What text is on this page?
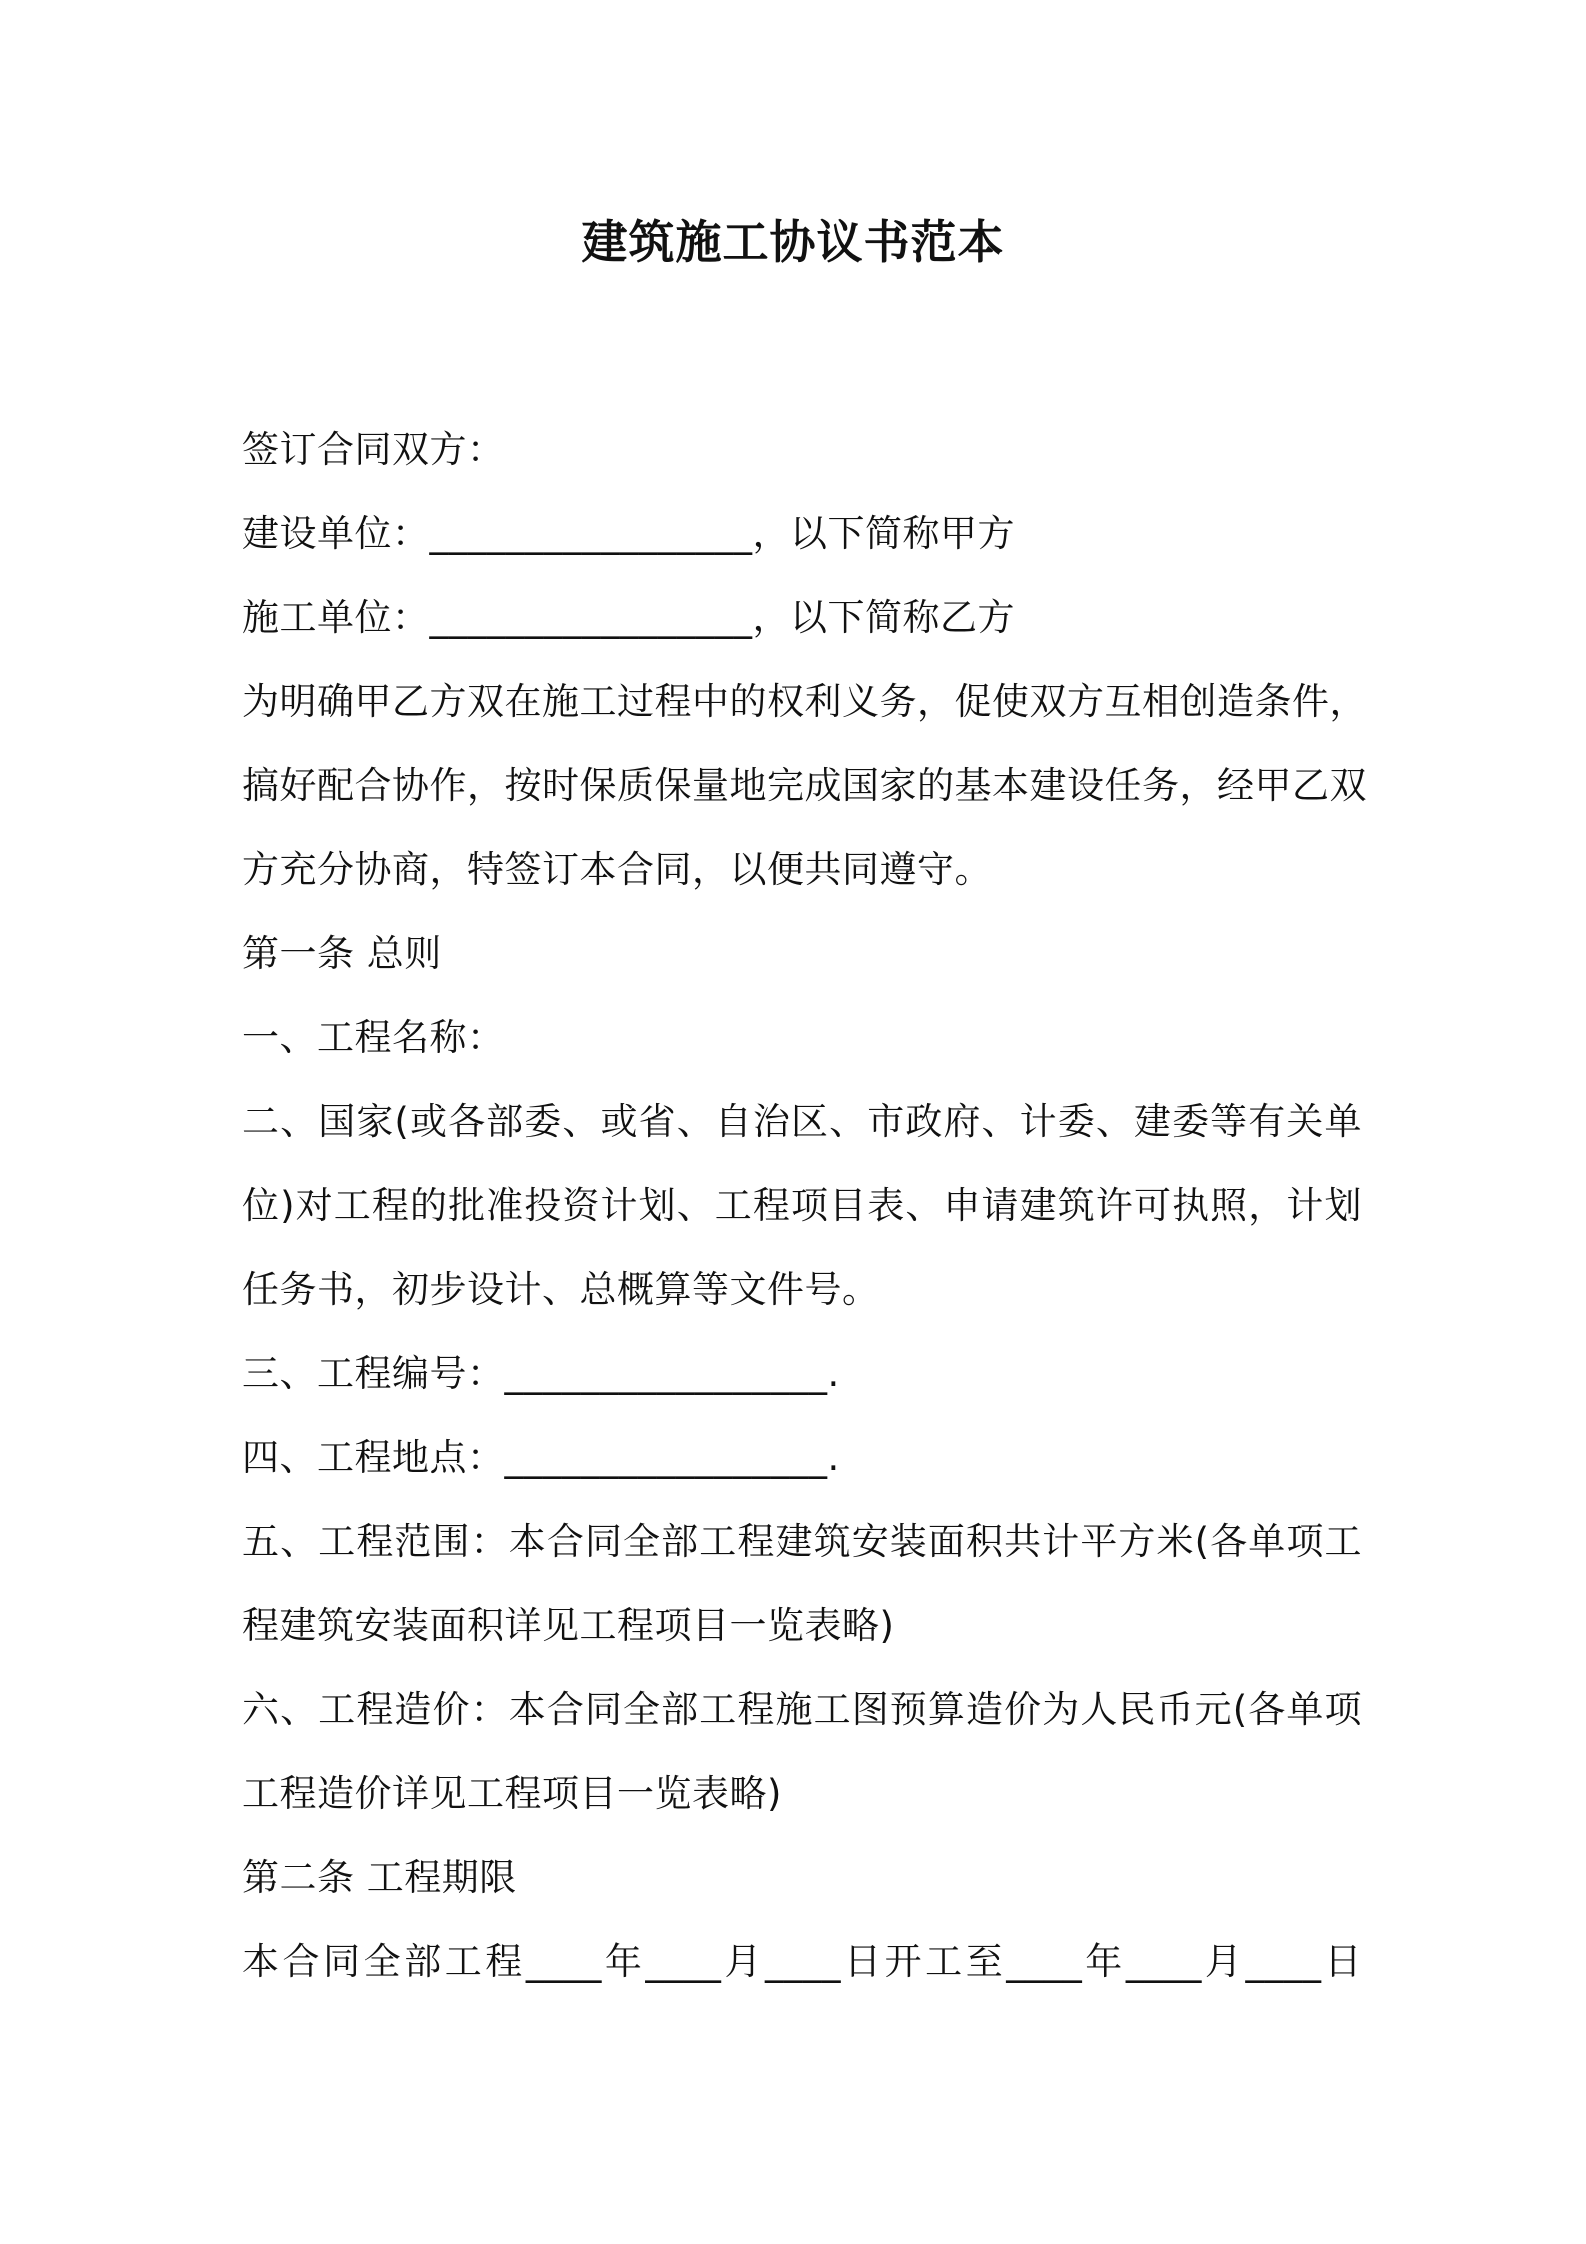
建筑施工协议书范本
签订合同双方：
建设单位：_________________，以下简称甲方
施工单位：_________________，以下简称乙方
为明确甲乙方双在施工过程中的权利义务，促使双方互相创造条件，
搞好配合协作，按时保质保量地完成国家的基本建设任务，经甲乙双
方充分协商，特签订本合同，以便共同遵守。
第一条 总则
一、工程名称：
二、国家(或各部委、或省、自治区、市政府、计委、建委等有关单
位)对工程的批准投资计划、工程项目表、申请建筑许可执照，计划
任务书，初步设计、总概算等文件号。
三、工程编号：_________________.
四、工程地点：_________________.
五、工程范围：本合同全部工程建筑安装面积共计平方米(各单项工
程建筑安装面积详见工程项目一览表略)
六、工程造价：本合同全部工程施工图预算造价为人民币元(各单项
工程造价详见工程项目一览表略)
第二条 工程期限
本合同全部工程____年____月____日开工至____年____月____日
